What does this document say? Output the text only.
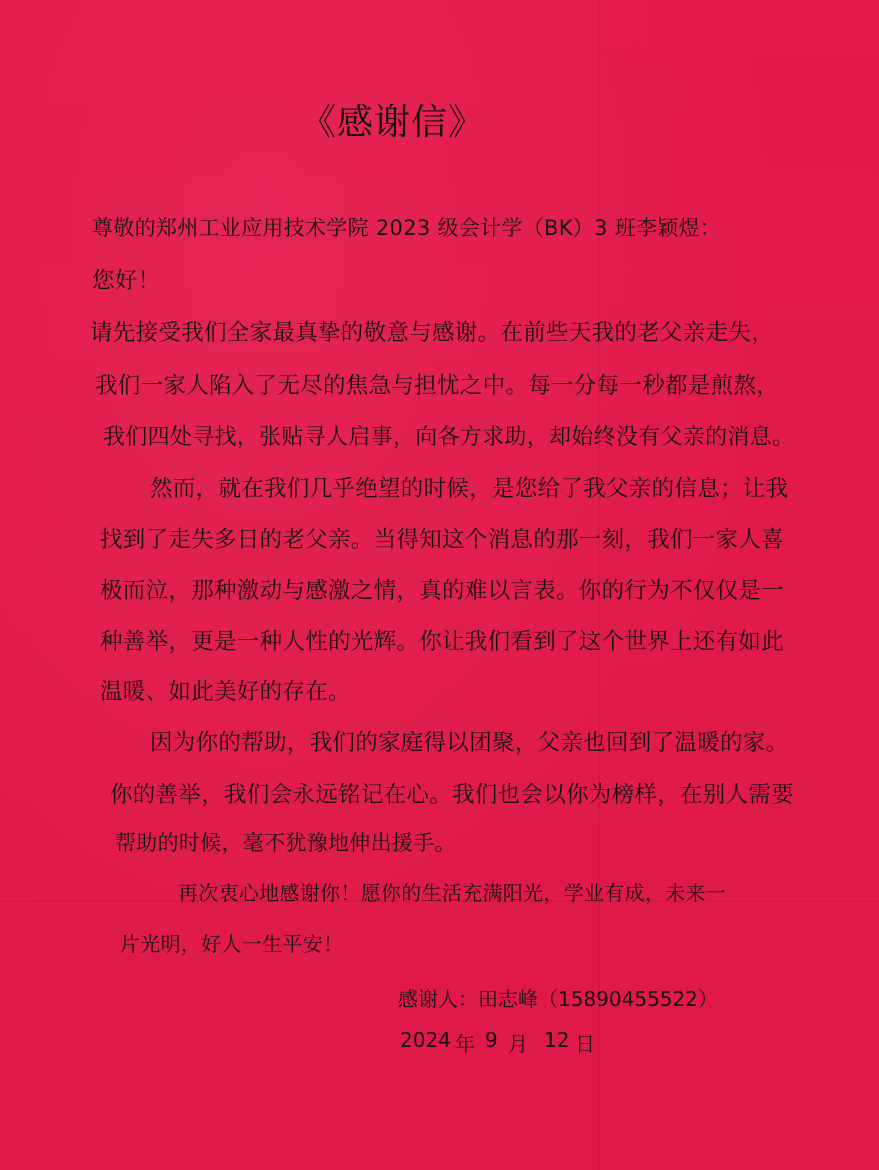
《感谢信》
尊敬的郑州工业应用技术学院 2023 级会计学（BK）3 班李颖煜：
您好！
请先接受我们全家最真挚的敬意与感谢。在前些天我的老父亲走失，
我们一家人陷入了无尽的焦急与担忧之中。每一分每一秒都是煎熬，
我们四处寻找，张贴寻人启事，向各方求助，却始终没有父亲的消息。
然而，就在我们几乎绝望的时候，是您给了我父亲的信息；让我
找到了走失多日的老父亲。当得知这个消息的那一刻，我们一家人喜
极而泣，那种激动与感激之情，真的难以言表。你的行为不仅仅是一
种善举，更是一种人性的光辉。你让我们看到了这个世界上还有如此
温暖、如此美好的存在。
因为你的帮助，我们的家庭得以团聚，父亲也回到了温暖的家。
你的善举，我们会永远铭记在心。我们也会以你为榜样，在别人需要
帮助的时候，毫不犹豫地伸出援手。
再次衷心地感谢你！愿你的生活充满阳光，学业有成，未来一
片光明，好人一生平安！
感谢人：田志峰（15890455522）
2024 年 9 月 12 日
